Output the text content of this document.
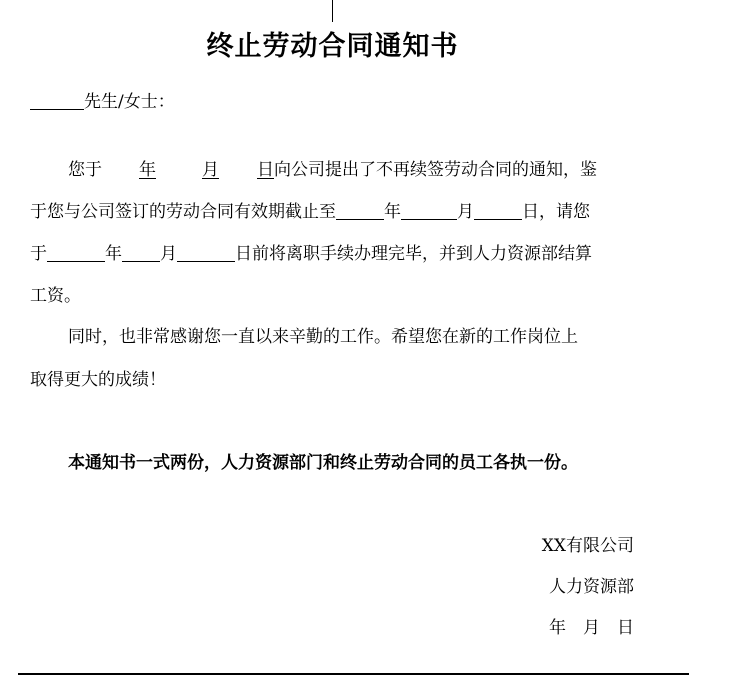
终止劳动合同通知书
先生/女士：
您于 年	月 日向公司提出了不再续签劳动合同的通知，鉴
于您与公司签订的劳动合同有效期截止至	年	月	日，请您
于	年 月	日前将离职手续办理完毕，并到人力资源部结算
工资。
同时，也非常感谢您一直以来辛勤的工作。希望您在新的工作岗位上
取得更大的成绩！
本通知书一式两份，人力资源部门和终止劳动合同的员工各执一份。
XX有限公司
人力资源部
年　月　日
